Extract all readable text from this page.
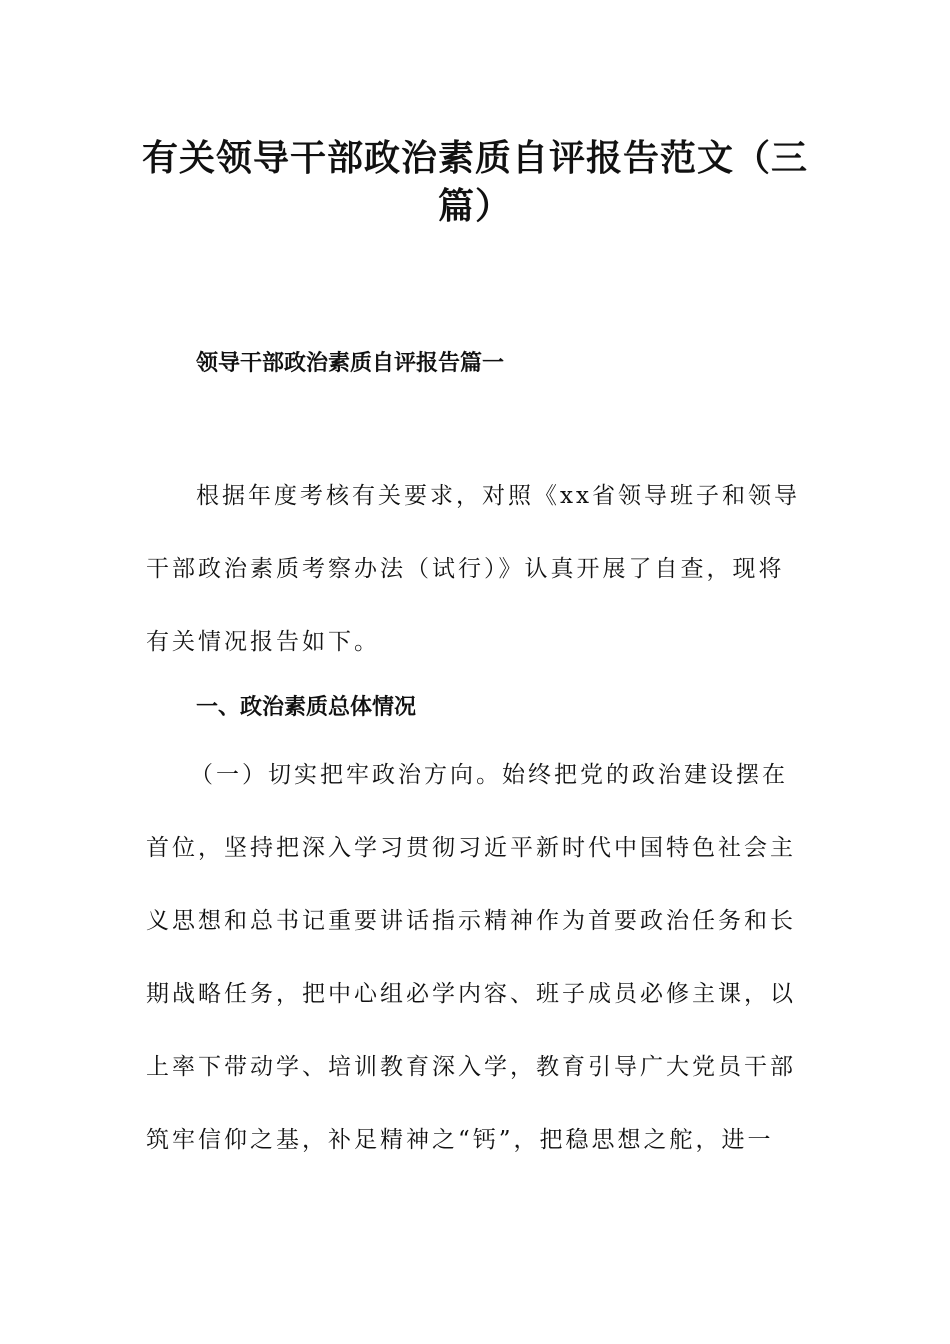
有关领导干部政治素质自评报告范文（三
篇）
领导干部政治素质自评报告篇一
根据年度考核有关要求，对照《xx省领导班子和领导
干部政治素质考察办法（试行）》认真开展了自查，现将
有关情况报告如下。
一、政治素质总体情况
（一）切实把牢政治方向。始终把党的政治建设摆在
首位，坚持把深入学习贯彻习近平新时代中国特色社会主
义思想和总书记重要讲话指示精神作为首要政治任务和长
期战略任务，把中心组必学内容、班子成员必修主课，以
上率下带动学、培训教育深入学，教育引导广大党员干部
筑牢信仰之基，补足精神之“钙”，把稳思想之舵，进一
